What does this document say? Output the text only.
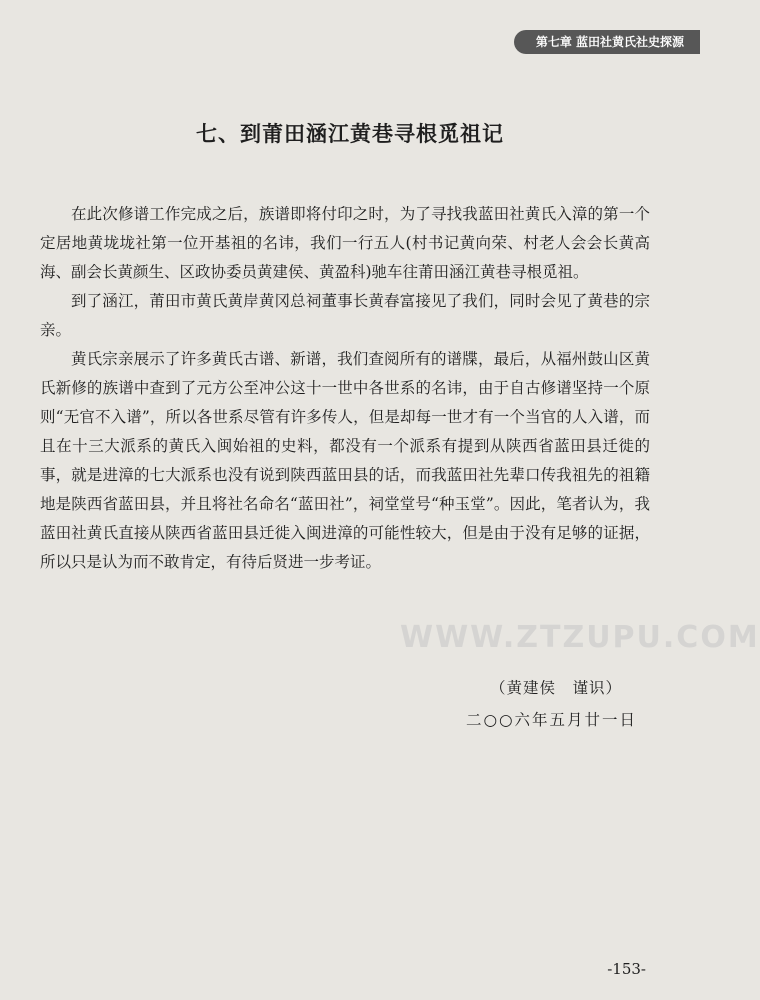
第七章 蓝田社黄氏社史探源
七、到莆田涵江黄巷寻根觅祖记

在此次修谱工作完成之后，族谱即将付印之时，为了寻找我蓝田社黄氏入漳的第一个定居地黄垅垅社第一位开基祖的名讳，我们一行五人(村书记黄向荣、村老人会会长黄高海、副会长黄颜生、区政协委员黄建侯、黄盈科)驰车往莆田涵江黄巷寻根觅祖。

到了涵江，莆田市黄氏黄岸黄冈总祠董事长黄春富接见了我们，同时会见了黄巷的宗亲。

黄氏宗亲展示了许多黄氏古谱、新谱，我们查阅所有的谱牒，最后，从福州鼓山区黄氏新修的族谱中查到了元方公至冲公这十一世中各世系的名讳，由于自古修谱坚持一个原则“无官不入谱”，所以各世系尽管有许多传人，但是却每一世才有一个当官的人入谱，而且在十三大派系的黄氏入闽始祖的史料，都没有一个派系有提到从陕西省蓝田县迁徙的事，就是进漳的七大派系也没有说到陕西蓝田县的话，而我蓝田社先辈口传我祖先的祖籍地是陕西省蓝田县，并且将社名命名“蓝田社”，祠堂堂号“种玉堂”。因此，笔者认为，我蓝田社黄氏直接从陕西省蓝田县迁徙入闽进漳的可能性较大，但是由于没有足够的证据，所以只是认为而不敢肯定，有待后贤进一步考证。

WWW.ZTZUPU.COM
（黄建侯　谨识）
二○○六年五月廿一日
-153-
